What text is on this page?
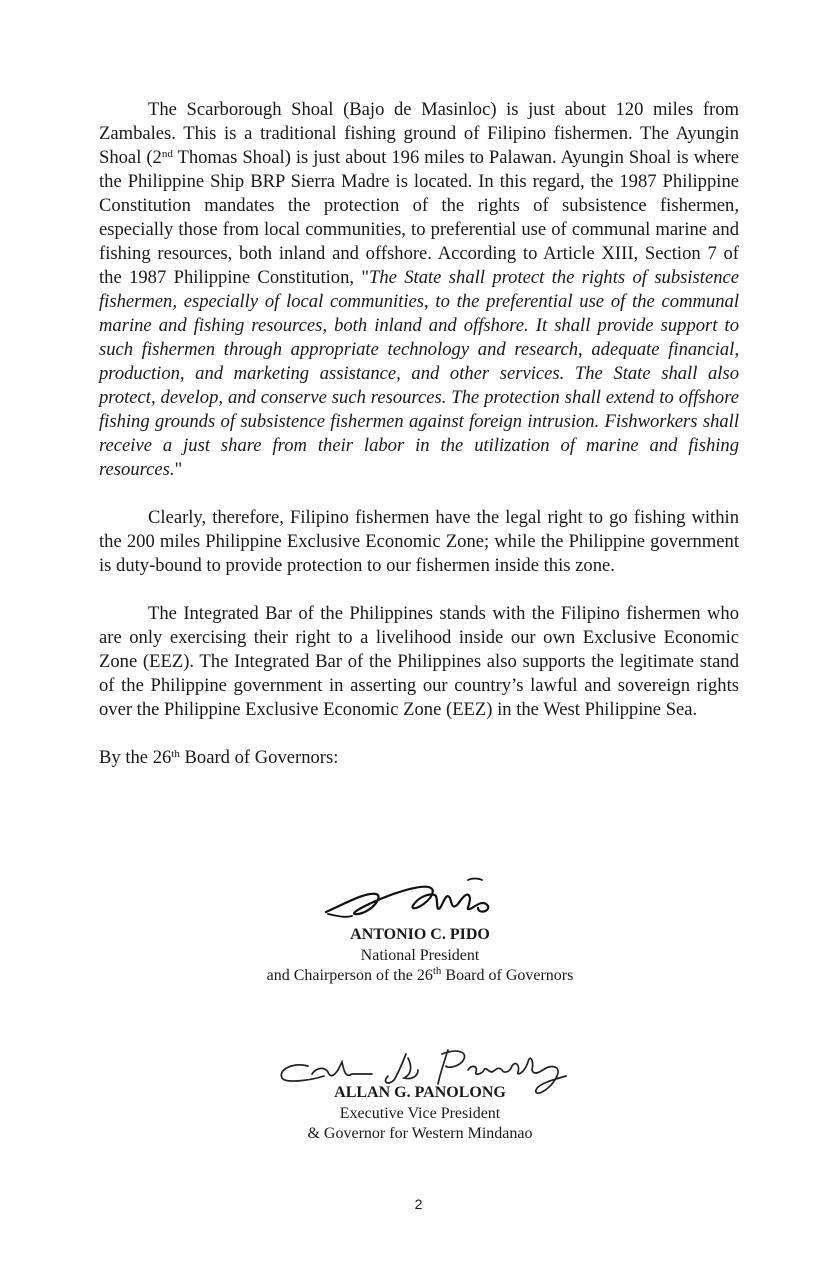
The Scarborough Shoal (Bajo de Masinloc) is just about 120 miles from Zambales. This is a traditional fishing ground of Filipino fishermen. The Ayungin Shoal (2nd Thomas Shoal) is just about 196 miles to Palawan. Ayungin Shoal is where the Philippine Ship BRP Sierra Madre is located. In this regard, the 1987 Philippine Constitution mandates the protection of the rights of subsistence fishermen, especially those from local communities, to preferential use of communal marine and fishing resources, both inland and offshore. According to Article XIII, Section 7 of the 1987 Philippine Constitution, "The State shall protect the rights of subsistence fishermen, especially of local communities, to the preferential use of the communal marine and fishing resources, both inland and offshore. It shall provide support to such fishermen through appropriate technology and research, adequate financial, production, and marketing assistance, and other services. The State shall also protect, develop, and conserve such resources. The protection shall extend to offshore fishing grounds of subsistence fishermen against foreign intrusion. Fishworkers shall receive a just share from their labor in the utilization of marine and fishing resources."

Clearly, therefore, Filipino fishermen have the legal right to go fishing within the 200 miles Philippine Exclusive Economic Zone; while the Philippine government is duty-bound to provide protection to our fishermen inside this zone.

The Integrated Bar of the Philippines stands with the Filipino fishermen who are only exercising their right to a livelihood inside our own Exclusive Economic Zone (EEZ). The Integrated Bar of the Philippines also supports the legitimate stand of the Philippine government in asserting our country’s lawful and sovereign rights over the Philippine Exclusive Economic Zone (EEZ) in the West Philippine Sea.

By the 26th Board of Governors:

ANTONIO C. PIDO
National President
and Chairperson of the 26th Board of Governors
ALLAN G. PANOLONG
Executive Vice President
& Governor for Western Mindanao
2
